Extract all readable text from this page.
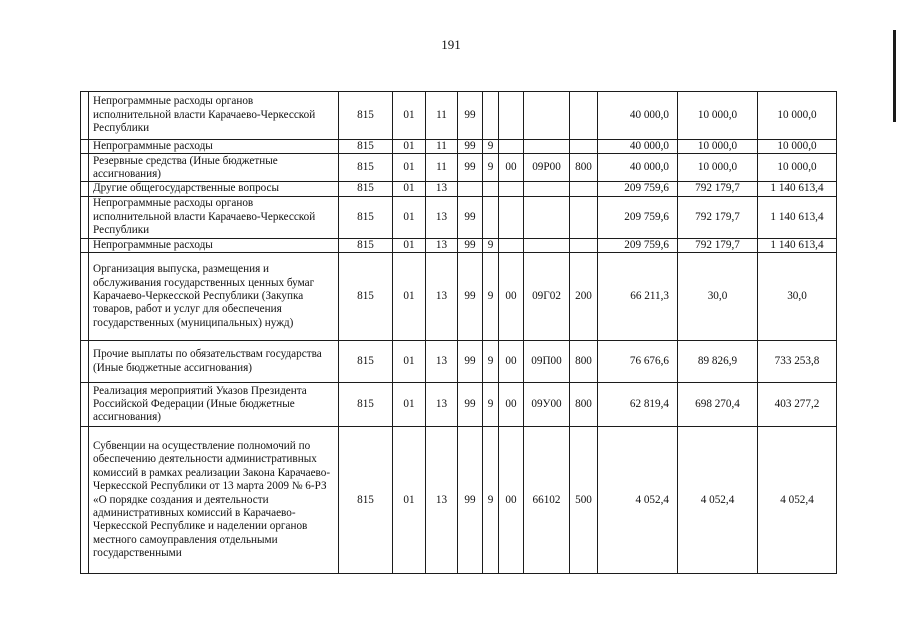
191
	Непрограммные расходы органов исполнительной власти Карачаево-Черкесской Республики	815	01	11	99					40 000,0	10 000,0	10 000,0
	Непрограммные расходы	815	01	11	99	9				40 000,0	10 000,0	10 000,0
	Резервные средства (Иные бюджетные ассигнования)	815	01	11	99	9	00	09Р00	800	40 000,0	10 000,0	10 000,0
	Другие общегосударственные вопросы	815	01	13						209 759,6	792 179,7	1 140 613,4
	Непрограммные расходы органов исполнительной власти Карачаево-Черкесской Республики	815	01	13	99					209 759,6	792 179,7	1 140 613,4
	Непрограммные расходы	815	01	13	99	9				209 759,6	792 179,7	1 140 613,4
	Организация выпуска, размещения и обслуживания государственных ценных бумаг Карачаево-Черкесской Республики (Закупка товаров, работ и услуг для обеспечения государственных (муниципальных) нужд)	815	01	13	99	9	00	09Г02	200	66 211,3	30,0	30,0
	Прочие выплаты по обязательствам государства (Иные бюджетные ассигнования)	815	01	13	99	9	00	09П00	800	76 676,6	89 826,9	733 253,8
	Реализация мероприятий Указов Президента Российской Федерации (Иные бюджетные ассигнования)	815	01	13	99	9	00	09У00	800	62 819,4	698 270,4	403 277,2
	Субвенции на осуществление полномочий по обеспечению деятельности административных комиссий в рамках реализации Закона Карачаево-Черкесской Республики от 13 марта 2009 № 6-РЗ «О порядке создания и деятельности административных комиссий в Карачаево-Черкесской Республике и наделении органов местного самоуправления отдельными государственными	815	01	13	99	9	00	66102	500	4 052,4	4 052,4	4 052,4
